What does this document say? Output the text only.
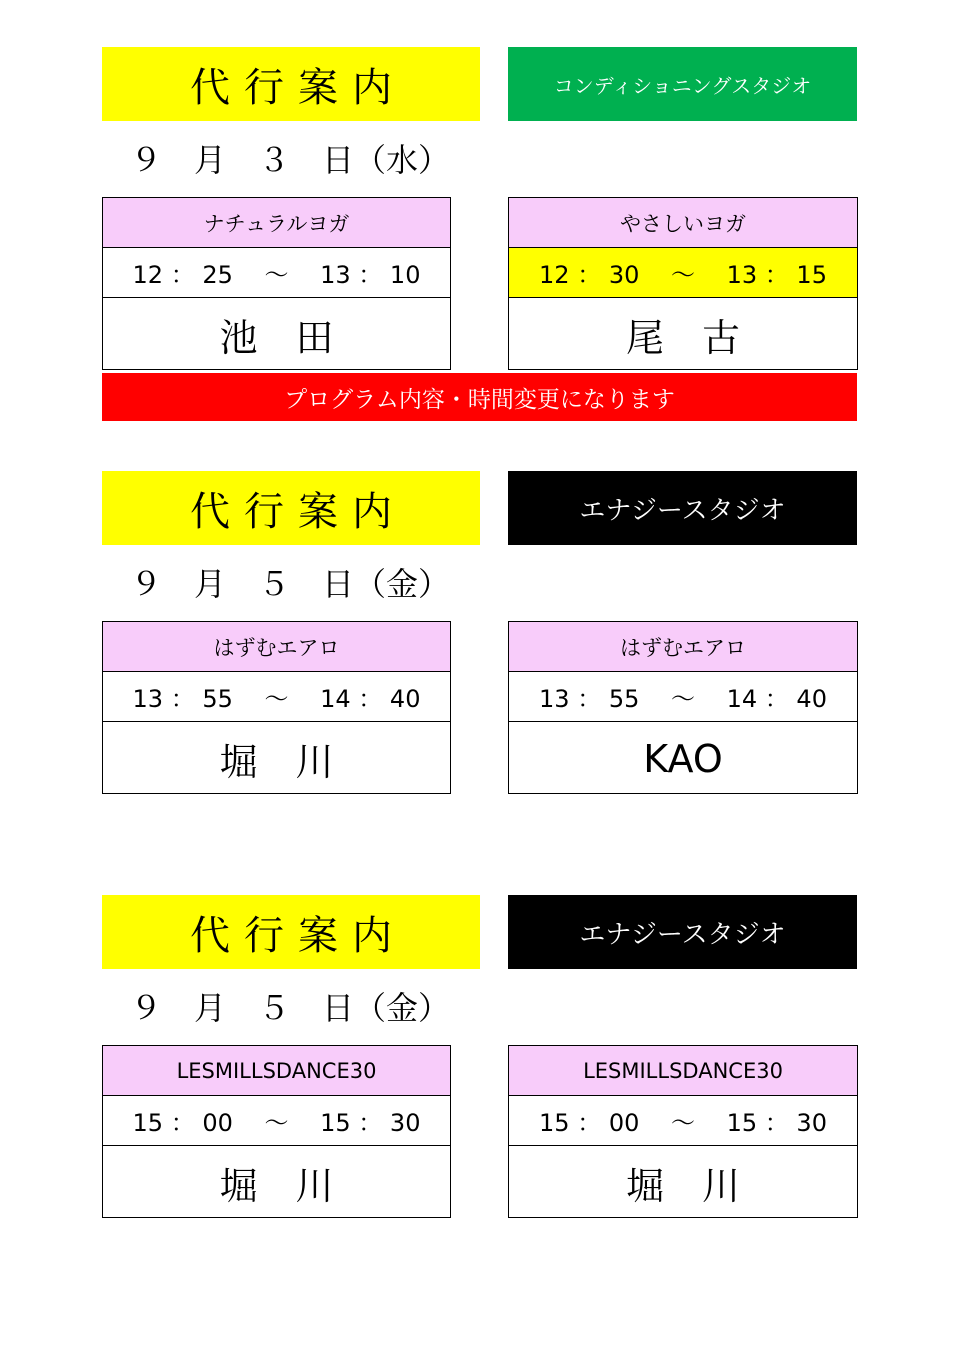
代行案内	コンディショニングスタジオ
９　月　３　日（水）
ナチュラルヨガ
12 ： 25　 ～　 13 ： 10
池　田
やさしいヨガ
12 ： 30　 ～　 13 ： 15
尾　古
プログラム内容・時間変更になります
代行案内	エナジースタジオ
９　月　５　日（金）
はずむエアロ
13 ： 55　 ～　 14 ： 40
堀　川
はずむエアロ
13 ： 55　 ～　 14 ： 40
KAO
代行案内	エナジースタジオ
９　月　５　日（金）
LESMILLSDANCE30
15 ： 00　 ～　 15 ： 30
堀　川
LESMILLSDANCE30
15 ： 00　 ～　 15 ： 30
堀　川
